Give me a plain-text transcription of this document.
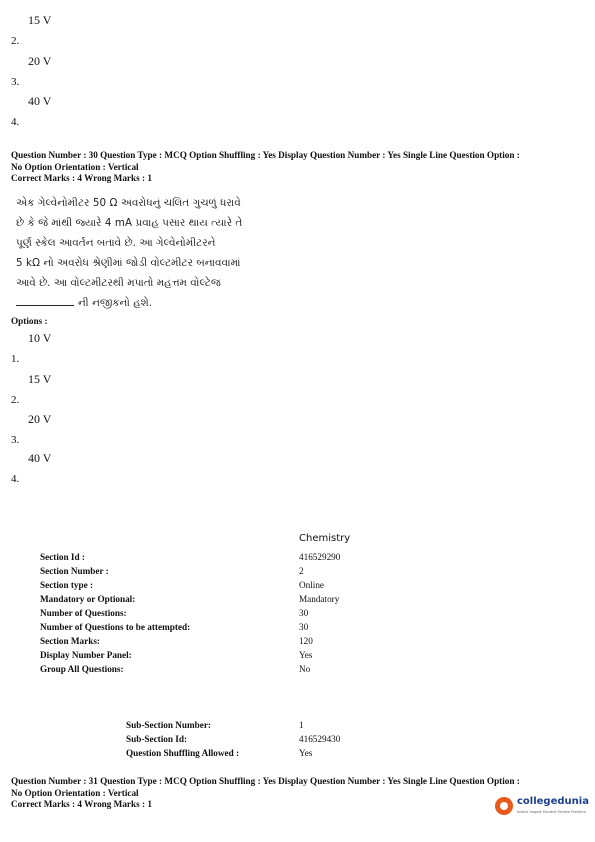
15 V
2.
20 V
3.
40 V
4.
Question Number : 30 Question Type : MCQ Option Shuffling : Yes Display Question Number : Yes Single Line Question Option :
No Option Orientation : Vertical
Correct Marks : 4 Wrong Marks : 1
એક ગેલ્વેનોમીટર 50 Ω અવરોધનું ચલિત ગુચળું ધરાવે
છે કે જે માંથી જ્યારે 4 mA પ્રવાહ પસાર થાય ત્યારે તે
પૂર્ણ સ્કેલ આવર્તન બતાવે છે. આ ગેલ્વેનોમીટરને
5 kΩ નો અવરોધ શ્રેણીમાં જોડી વોલ્ટમીટર બનાવવામાં
આવે છે. આ વોલ્ટમીટરથી મપાતો મહત્તમ વોલ્ટેજ
ની નજીકનો હશે.
Options :
10 V
1.
15 V
2.
20 V
3.
40 V
4.
Chemistry
Section Id :	416529290
Section Number :	2
Section type :	Online
Mandatory or Optional:	Mandatory
Number of Questions:	30
Number of Questions to be attempted:	30
Section Marks:	120
Display Number Panel:	Yes
Group All Questions:	No
Sub-Section Number:	1
Sub-Section Id:	416529430
Question Shuffling Allowed :	Yes
Question Number : 31 Question Type : MCQ Option Shuffling : Yes Display Question Number : Yes Single Line Question Option :
No Option Orientation : Vertical
Correct Marks : 4 Wrong Marks : 1	collegedunia
India's largest Student Review Platform
